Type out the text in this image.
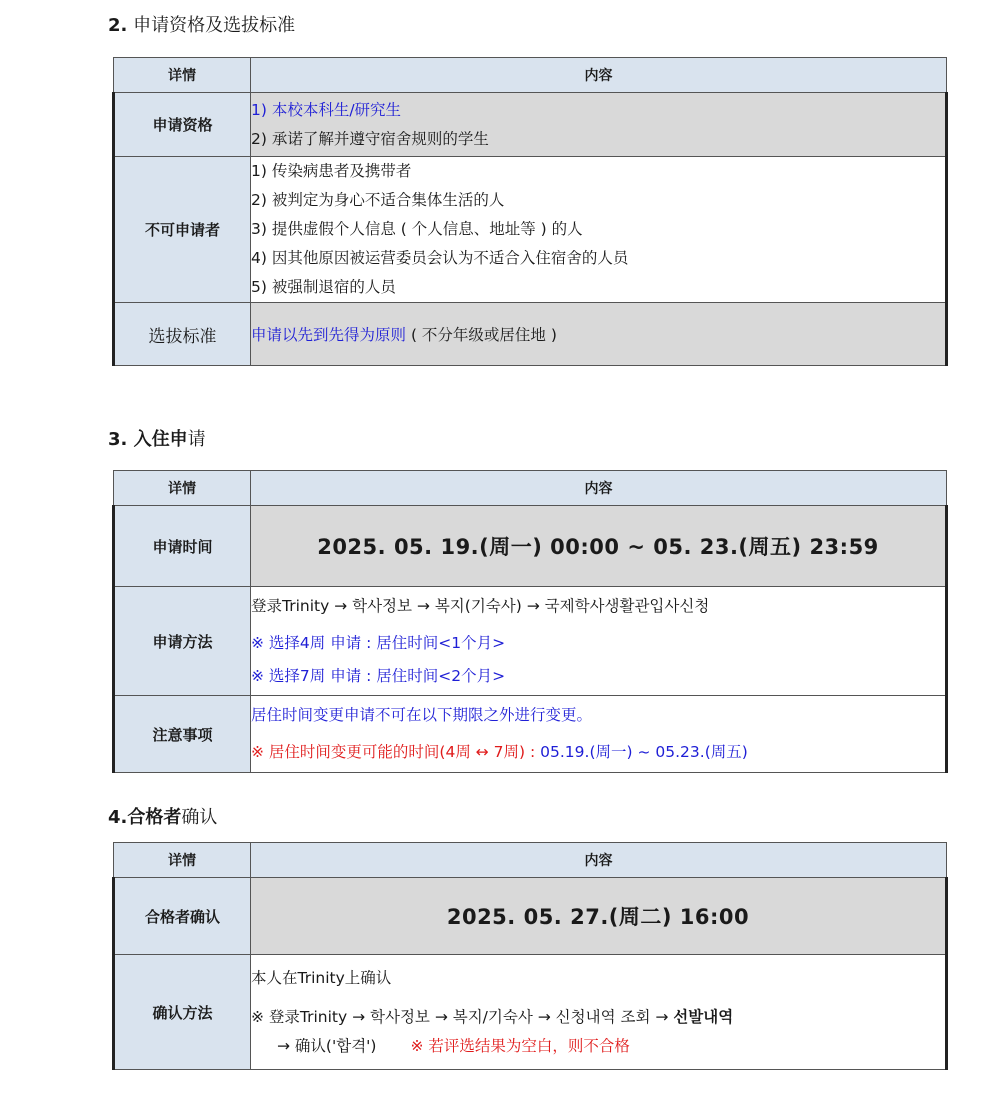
2. 申请资格及选拔标准
详情	内容
申请资格	1) 本校本科生/研究生
2) 承诺了解并遵守宿舍规则的学生

不可申请者	1) 传染病患者及携带者
2) 被判定为身心不适合集体生活的人
3) 提供虚假个人信息 ( 个人信息、地址等 ) 的人
4) 因其他原因被运营委员会认为不适合入住宿舍的人员
5) 被强制退宿的人员

选拔标准	申请以先到先得为原则 ( 不分年级或居住地 )
3. 入住申请
详情	内容
申请时间	2025. 05. 19.(周一) 00:00 ~ 05. 23.(周五) 23:59
申请方法	登录Trinity → 학사정보 → 복지(기숙사) → 국제학사생활관입사신청
※ 选择4周 申请 : 居住时间<1个月>
※ 选择7周 申请 : 居住时间<2个月>

注意事项	居住时间变更申请不可在以下期限之外进行变更。
※ 居住时间变更可能的时间(4周 ↔ 7周) : 05.19.(周一) ~ 05.23.(周五)
4.合格者确认
详情	内容
合格者确认	2025. 05. 27.(周二) 16:00
确认方法	本人在Trinity上确认
※ 登录Trinity → 학사정보 → 복지/기숙사 → 신청내역 조회 → 선발내역
→ 确认('합격') ※ 若评选结果为空白，则不合格
